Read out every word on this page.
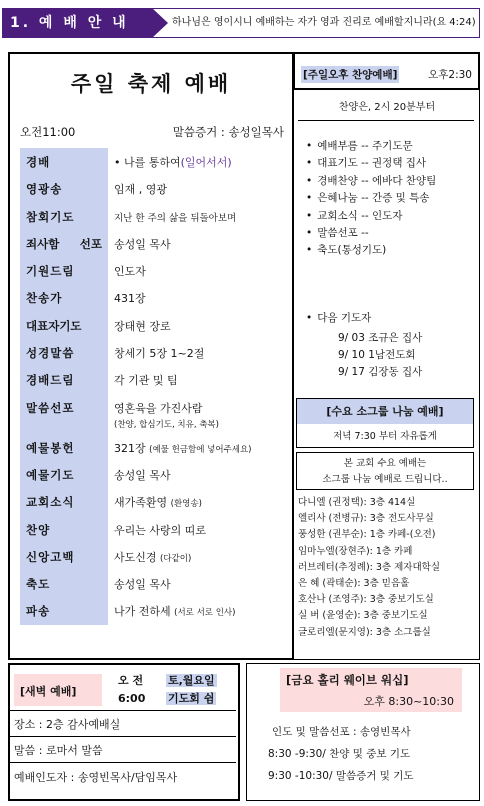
1. 예 배 안 내	하나님은 영이시니 예배하는 자가 영과 진리로 예배할지니라(요 4:24)
주일 축제 예배
오전11:00	말씀증거 : 송성일목사
경배	• 나를 통하여(일어서서)
영광송	임재 , 영광
참회기도	지난 한 주의 삶을 뒤돌아보며
죄사함 선포	송성일 목사
기원드림	인도자
찬송가	431장
대표자기도	장태현 장로
성경말씀	창세기 5장 1~2절
경배드림	각 기관 및 팀
말씀선포	영혼육을 가진사람
(찬양, 합심기도, 치유, 축복)
예물봉헌	321장 (예물 헌금함에 넣어주세요)
예물기도	송성일 목사
교회소식	새가족환영 (환영송)
찬양	우리는 사랑의 띠로
신앙고백	사도신경 (다같이)
축도	송성일 목사
파송	나가 전하세 (서로 서로 인사)
[주일오후 찬양예배]	오후2:30
찬양은, 2시 20분부터
• 예배부름 -- 주기도문
• 대표기도 -- 권정택 집사
• 경배찬양 -- 에바다 찬양팀
• 은혜나눔 -- 간증 및 특송
• 교회소식 -- 인도자
• 말씀선포 --
• 축도(통성기도)
• 다음 기도자
9/ 03 조규은 집사
9/ 10 1남전도회
9/ 17 김장동 집사
[수요 소그룹 나눔 예배]
저녁 7:30 부터 자유롭게
본 교회 수요 예배는
소그룹 나눔 예배로 드립니다..
다니엘 (권정택): 3층 414실
엘리사 (전병규): 3층 전도사무실
풍성한 (권부순): 1층 카페-(오전)
임마누엘(장현주): 1층 카페
러브레터(추정례): 3층 제자대학실
은 혜 (곽태순): 3층 믿음홀
호산나 (조영주): 3층 중보기도실
실 버 (윤영순): 3층 중보기도실
글로리엘(문지영): 3층 소그룹실
[새벽 예배]
오 전 토,월요일
6:00 기도회 쉼
장소 : 2층 감사예배실
말씀 : 로마서 말씀
예배인도자 : 송영빈목사/담임목사
[금요 홀리 웨이브 워십]
오후 8:30~10:30
인도 및 말씀선포 : 송영빈목사
8:30 -9:30/ 찬양 및 중보 기도
9:30 -10:30/ 말씀증거 및 기도
